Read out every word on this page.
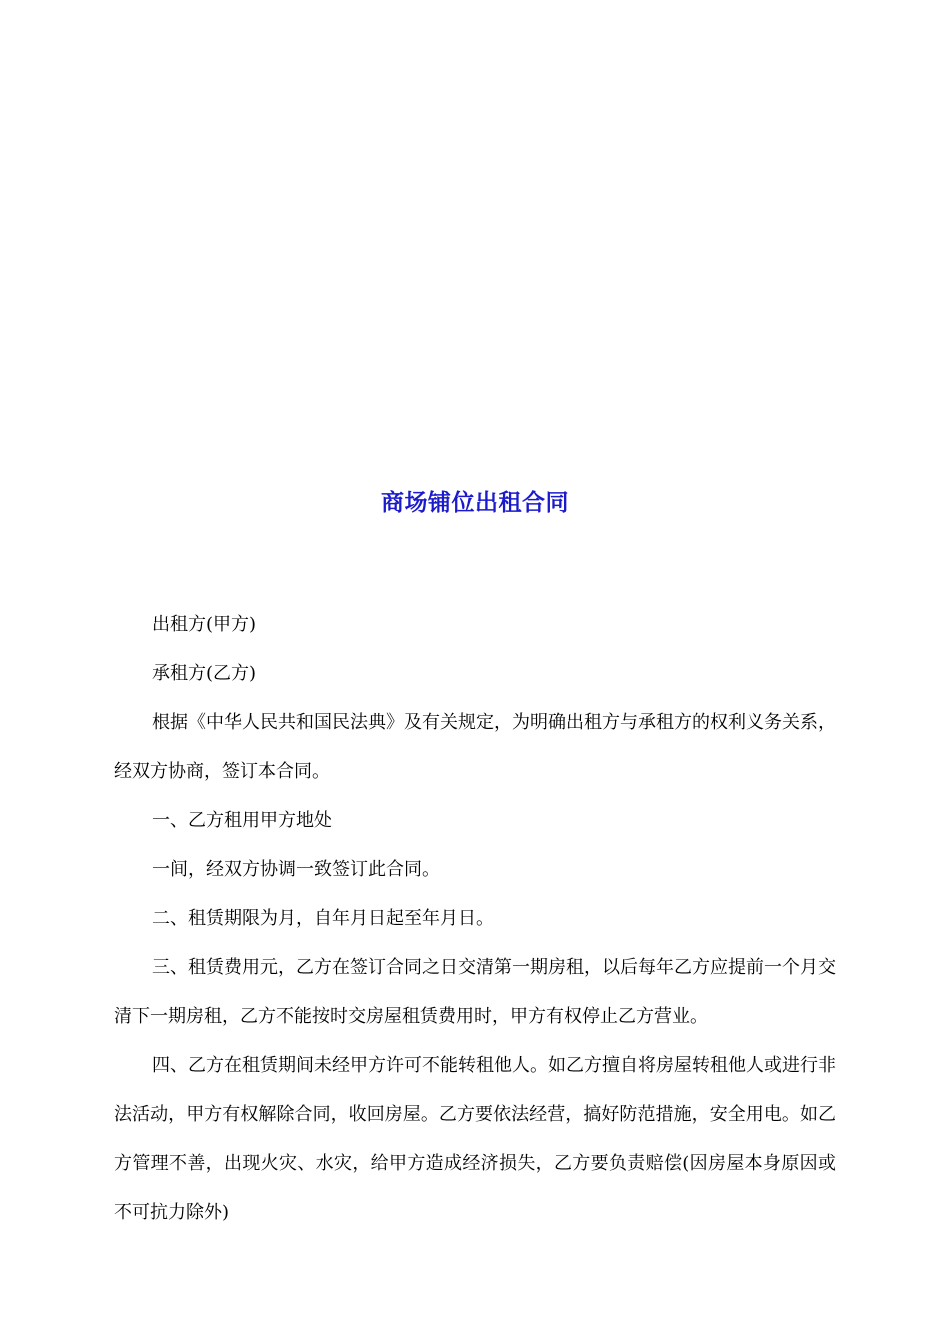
商场铺位出租合同

出租方(甲方)

承租方(乙方)

根据《中华人民共和国民法典》及有关规定，为明确出租方与承租方的权利义务关系，经双方协商，签订本合同。

一、乙方租用甲方地处

一间，经双方协调一致签订此合同。

二、租赁期限为月，自年月日起至年月日。

三、租赁费用元，乙方在签订合同之日交清第一期房租，以后每年乙方应提前一个月交清下一期房租，乙方不能按时交房屋租赁费用时，甲方有权停止乙方营业。

四、乙方在租赁期间未经甲方许可不能转租他人。如乙方擅自将房屋转租他人或进行非法活动，甲方有权解除合同，收回房屋。乙方要依法经营，搞好防范措施，安全用电。如乙方管理不善，出现火灾、水灾，给甲方造成经济损失，乙方要负责赔偿(因房屋本身原因或不可抗力除外)
